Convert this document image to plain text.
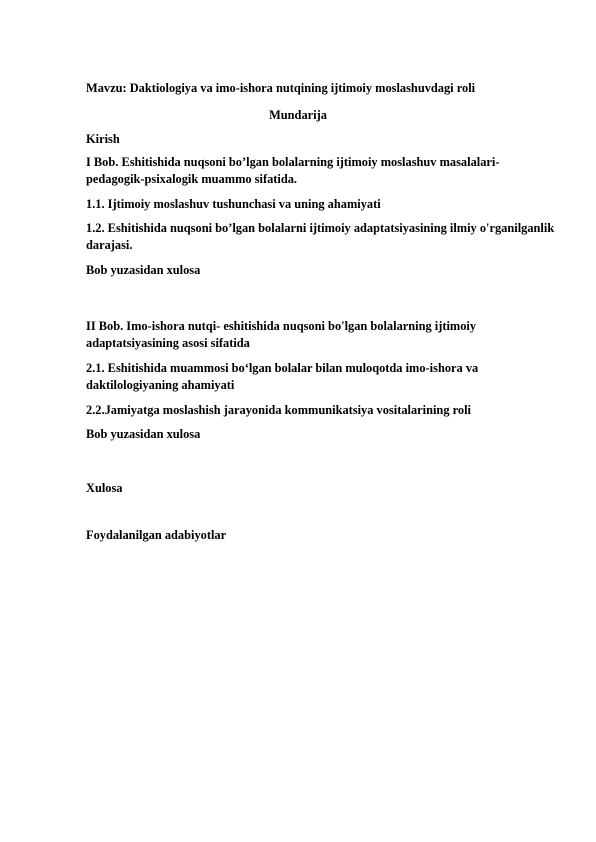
Mavzu: Daktiologiya va imo-ishora nutqining ijtimoiy moslashuvdagi roli
Mundarija
Kirish
I Bob. Eshitishida nuqsoni bo’lgan bolalarning ijtimoiy moslashuv masalalari-pedagogik-psixalogik muammo sifatida.
1.1. Ijtimoiy moslashuv tushunchasi va uning ahamiyati
1.2. Eshitishida nuqsoni bo’lgan bolalarni ijtimoiy adaptatsiyasining ilmiy o'rganilganlik darajasi.
Bob yuzasidan xulosa
II Bob. Imo-ishora nutqi- eshitishida nuqsoni bo'lgan bolalarning ijtimoiy adaptatsiyasining asosi sifatida
2.1. Eshitishida muammosi bo‘lgan bolalar bilan muloqotda imo-ishora va daktilologiyaning ahamiyati
2.2.Jamiyatga moslashish jarayonida kommunikatsiya vositalarining roli
Bob yuzasidan xulosa
Xulosa
Foydalanilgan adabiyotlar
